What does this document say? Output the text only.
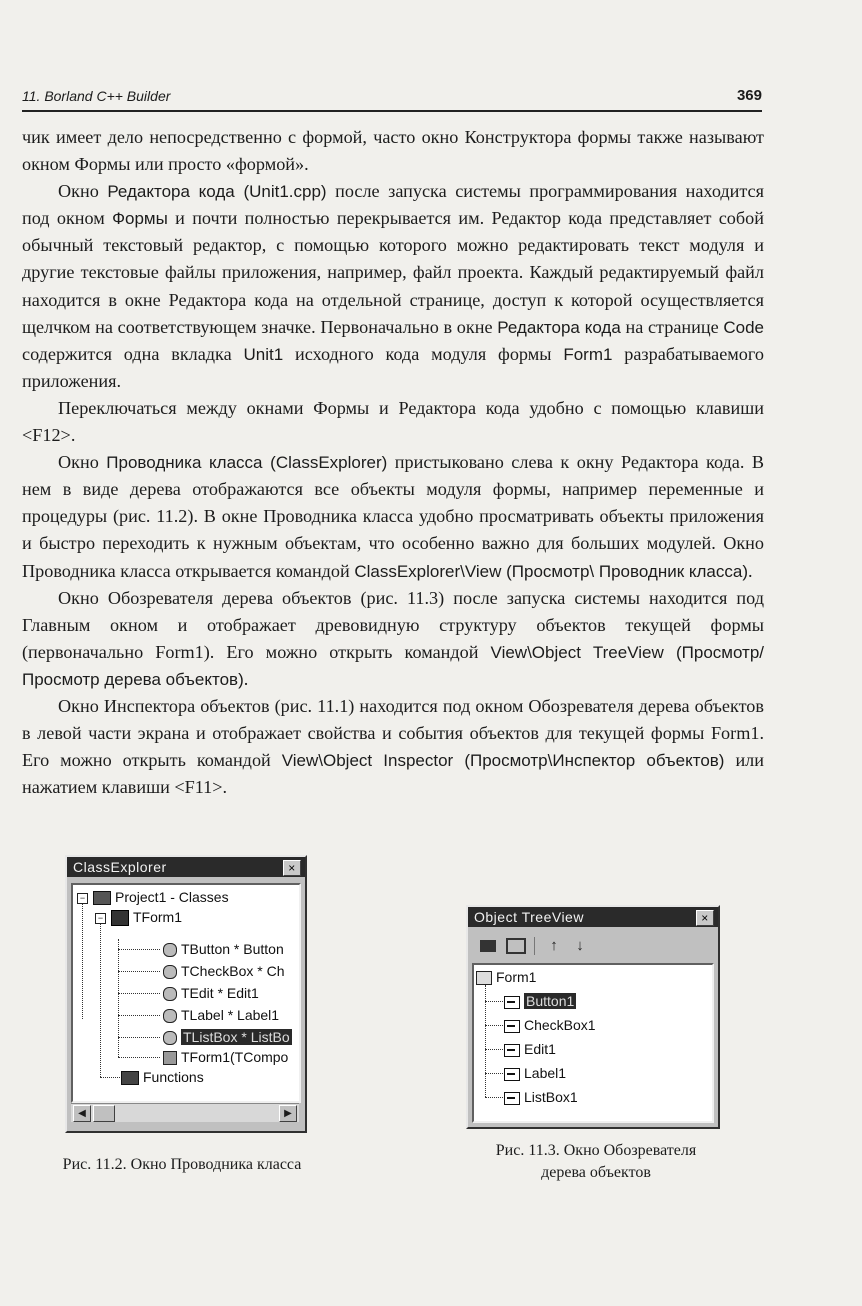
11. Borland C++ Builder	369

чик имеет дело непосредственно с формой, часто окно Конструктора формы также называют окном Формы или просто «формой».

Окно Редактора кода (Unit1.cpp) после запуска системы программирования находится под окном Формы и почти полностью перекрывается им. Редактор кода представляет собой обычный текстовый редактор, с помощью которого можно редактировать текст модуля и другие текстовые файлы приложения, например, файл проекта. Каждый редактируемый файл находится в окне Редактора кода на отдельной странице, доступ к которой осуществляется щелчком на соответствующем значке. Первоначально в окне Редактора кода на странице Code содержится одна вкладка Unit1 исходного кода модуля формы Form1 разрабатываемого приложения.

Переключаться между окнами Формы и Редактора кода удобно с помощью клавиши <F12>.

Окно Проводника класса (ClassExplorer) пристыковано слева к окну Редактора кода. В нем в виде дерева отображаются все объекты модуля формы, например переменные и процедуры (рис. 11.2). В окне Проводника класса удобно просматривать объекты приложения и быстро переходить к нужным объектам, что особенно важно для больших модулей. Окно Проводника класса открывается командой ClassExplorer\View (Просмотр\ Проводник класса).

Окно Обозревателя дерева объектов (рис. 11.3) после запуска системы находится под Главным окном и отображает древовидную структуру объектов текущей формы (первоначально Form1). Его можно открыть командой View\Object TreeView (Просмотр/Просмотр дерева объектов).

Окно Инспектора объектов (рис. 11.1) находится под окном Обозревателя дерева объектов в левой части экрана и отображает свойства и события объектов для текущей формы Form1. Его можно открыть командой View\Object Inspector (Просмотр\Инспектор объектов) или нажатием клавиши <F11>.

ClassExplorer	×
−	Project1 - Classes
−	TForm1
TButton * Button
TCheckBox * Ch
TEdit * Edit1
TLabel * Label1
TListBox * ListBo
TForm1(TCompo
Functions
◀	▶
Рис. 11.2. Окно Проводника класса
Object TreeView	×
↑	↓
Form1
Button1
CheckBox1
Edit1
Label1
ListBox1
Рис. 11.3. Окно Обозревателя
дерева объектов
